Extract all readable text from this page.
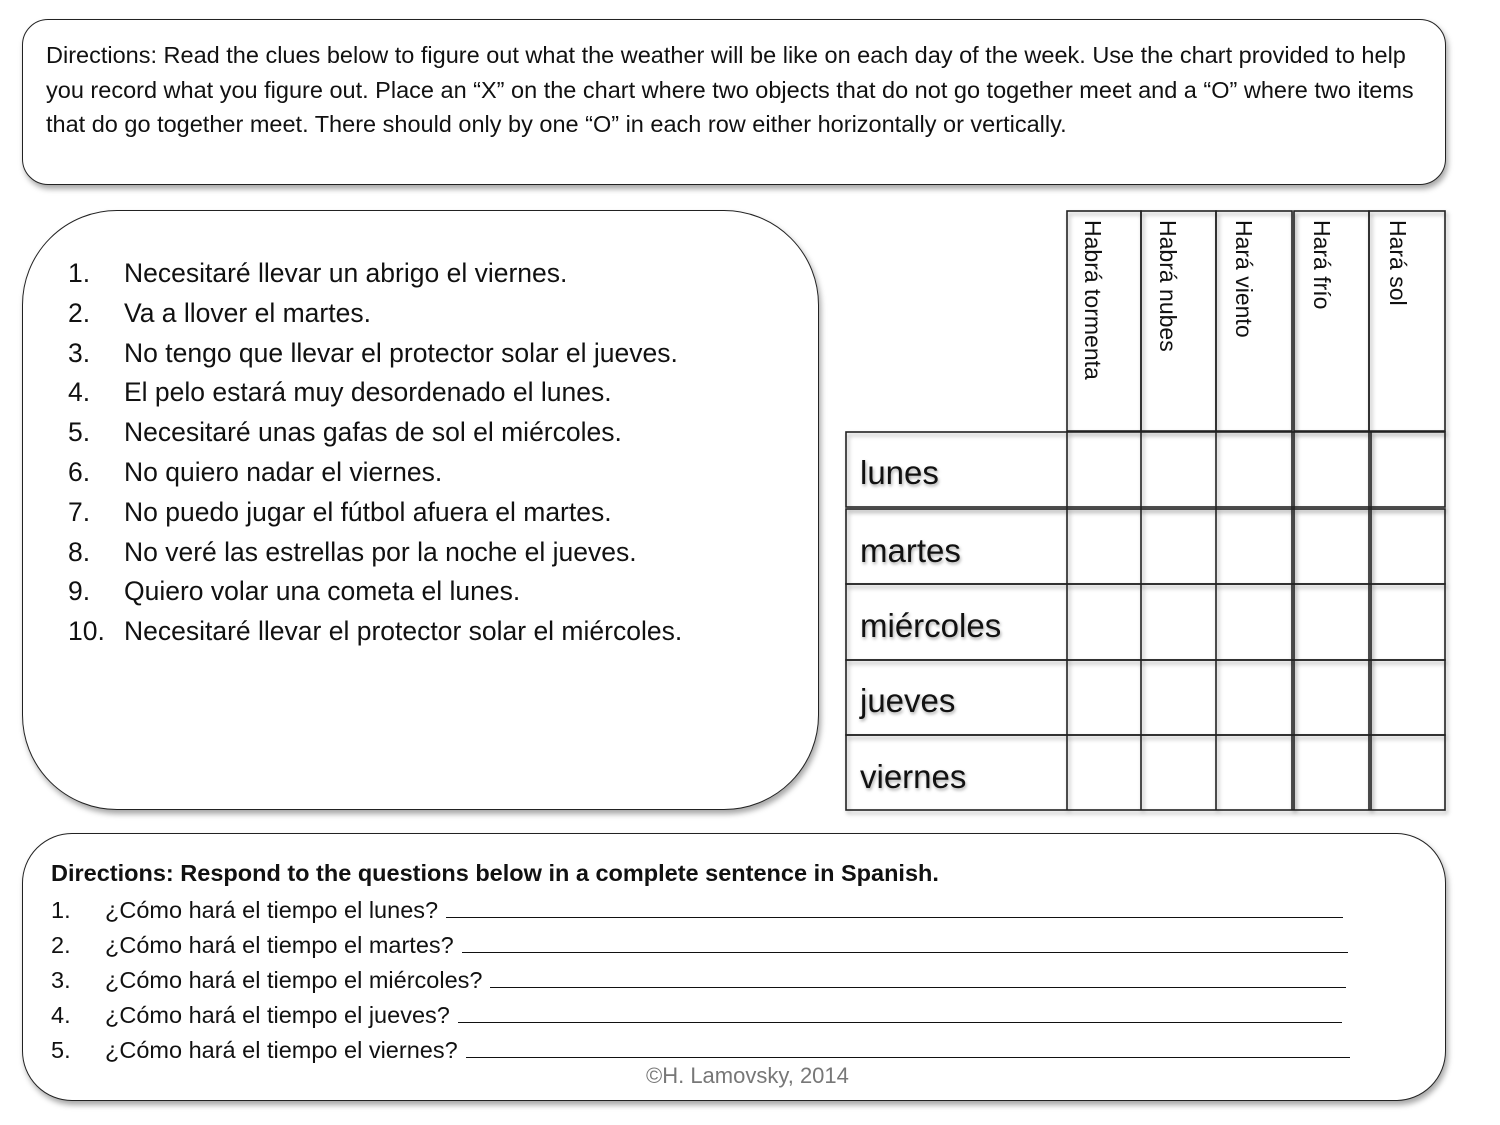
Directions: Read the clues below to figure out what the weather will be like on each day of the week. Use the chart provided to help you record what you figure out. Place an “X” on the chart where two objects that do not go together meet and a “O” where two items that do go together meet. There should only by one “O” in each row either horizontally or vertically.

1. Necesitaré llevar un abrigo el viernes.
2. Va a llover el martes.
3. No tengo que llevar el protector solar el jueves.
4. El pelo estará muy desordenado el lunes.
5. Necesitaré unas gafas de sol el miércoles.
6. No quiero nadar el viernes.
7. No puedo jugar el fútbol afuera el martes.
8. No veré las estrellas por la noche el jueves.
9. Quiero volar una cometa el lunes.
10. Necesitaré llevar el protector solar el miércoles.
Habrá tormenta Habrá nubes Hará viento Hará frío Hará sol
lunes
martes
miércoles
jueves
viernes
Directions: Respond to the questions below in a complete sentence in Spanish.
1.	¿Cómo hará el tiempo el lunes?
2.	¿Cómo hará el tiempo el martes?
3.	¿Cómo hará el tiempo el miércoles?
4.	¿Cómo hará el tiempo el jueves?
5.	¿Cómo hará el tiempo el viernes?
©H. Lamovsky, 2014
